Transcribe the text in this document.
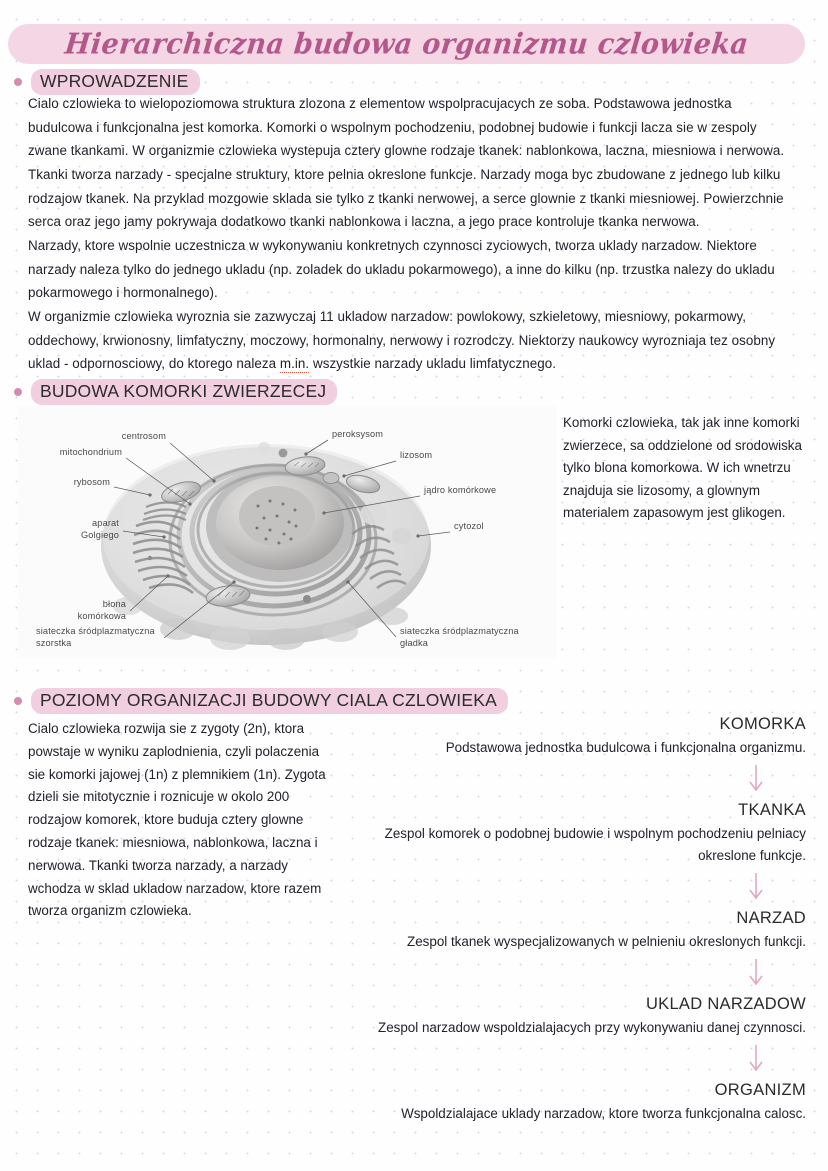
Hierarchiczna budowa organizmu czlowieka
WPROWADZENIE
Cialo czlowieka to wielopoziomowa struktura zlozona z elementow wspolpracujacych ze soba. Podstawowa jednostka budulcowa i funkcjonalna jest komorka. Komorki o wspolnym pochodzeniu, podobnej budowie i funkcji lacza sie w zespoly zwane tkankami. W organizmie czlowieka wystepuja cztery glowne rodzaje tkanek: nablonkowa, laczna, miesniowa i nerwowa.
Tkanki tworza narzady - specjalne struktury, ktore pelnia okreslone funkcje. Narzady moga byc zbudowane z jednego lub kilku rodzajow tkanek. Na przyklad mozgowie sklada sie tylko z tkanki nerwowej, a serce glownie z tkanki miesniowej. Powierzchnie serca oraz jego jamy pokrywaja dodatkowo tkanki nablonkowa i laczna, a jego prace kontroluje tkanka nerwowa.
Narzady, ktore wspolnie uczestnicza w wykonywaniu konkretnych czynnosci zyciowych, tworza uklady narzadow. Niektore narzady naleza tylko do jednego ukladu (np. zoladek do ukladu pokarmowego), a inne do kilku (np. trzustka nalezy do ukladu pokarmowego i hormonalnego).
W organizmie czlowieka wyroznia sie zazwyczaj 11 ukladow narzadow: powlokowy, szkieletowy, miesniowy, pokarmowy, oddechowy, krwionosny, limfatyczny, moczowy, hormonalny, nerwowy i rozrodczy. Niektorzy naukowcy wyrozniaja tez osobny uklad - odpornosciowy, do ktorego naleza m.in. wszystkie narzady ukladu limfatycznego.
BUDOWA KOMORKI ZWIERZECEJ
centrosom
mitochondrium
rybosom
aparat
Golgiego
błona
komórkowa
siateczka śródplazmatyczna
szorstka
peroksysom
lizosom
jądro komórkowe
cytozol
siateczka śródplazmatyczna
gładka
Komorki czlowieka, tak jak inne komorki zwierzece, sa oddzielone od srodowiska tylko blona komorkowa. W ich wnetrzu znajduja sie lizosomy, a glownym materialem zapasowym jest glikogen.
POZIOMY ORGANIZACJI BUDOWY CIALA CZLOWIEKA
Cialo czlowieka rozwija sie z zygoty (2n), ktora powstaje w wyniku zaplodnienia, czyli polaczenia sie komorki jajowej (1n) z plemnikiem (1n). Zygota dzieli sie mitotycznie i roznicuje w okolo 200 rodzajow komorek, ktore buduja cztery glowne rodzaje tkanek: miesniowa, nablonkowa, laczna i nerwowa. Tkanki tworza narzady, a narzady wchodza w sklad ukladow narzadow, ktore razem tworza organizm czlowieka.
KOMORKA
Podstawowa jednostka budulcowa i funkcjonalna organizmu.
TKANKA
Zespol komorek o podobnej budowie i wspolnym pochodzeniu pelniacy okreslone funkcje.
NARZAD
Zespol tkanek wyspecjalizowanych w pelnieniu okreslonych funkcji.
UKLAD NARZADOW
Zespol narzadow wspoldzialajacych przy wykonywaniu danej czynnosci.
ORGANIZM
Wspoldzialajace uklady narzadow, ktore tworza funkcjonalna calosc.
